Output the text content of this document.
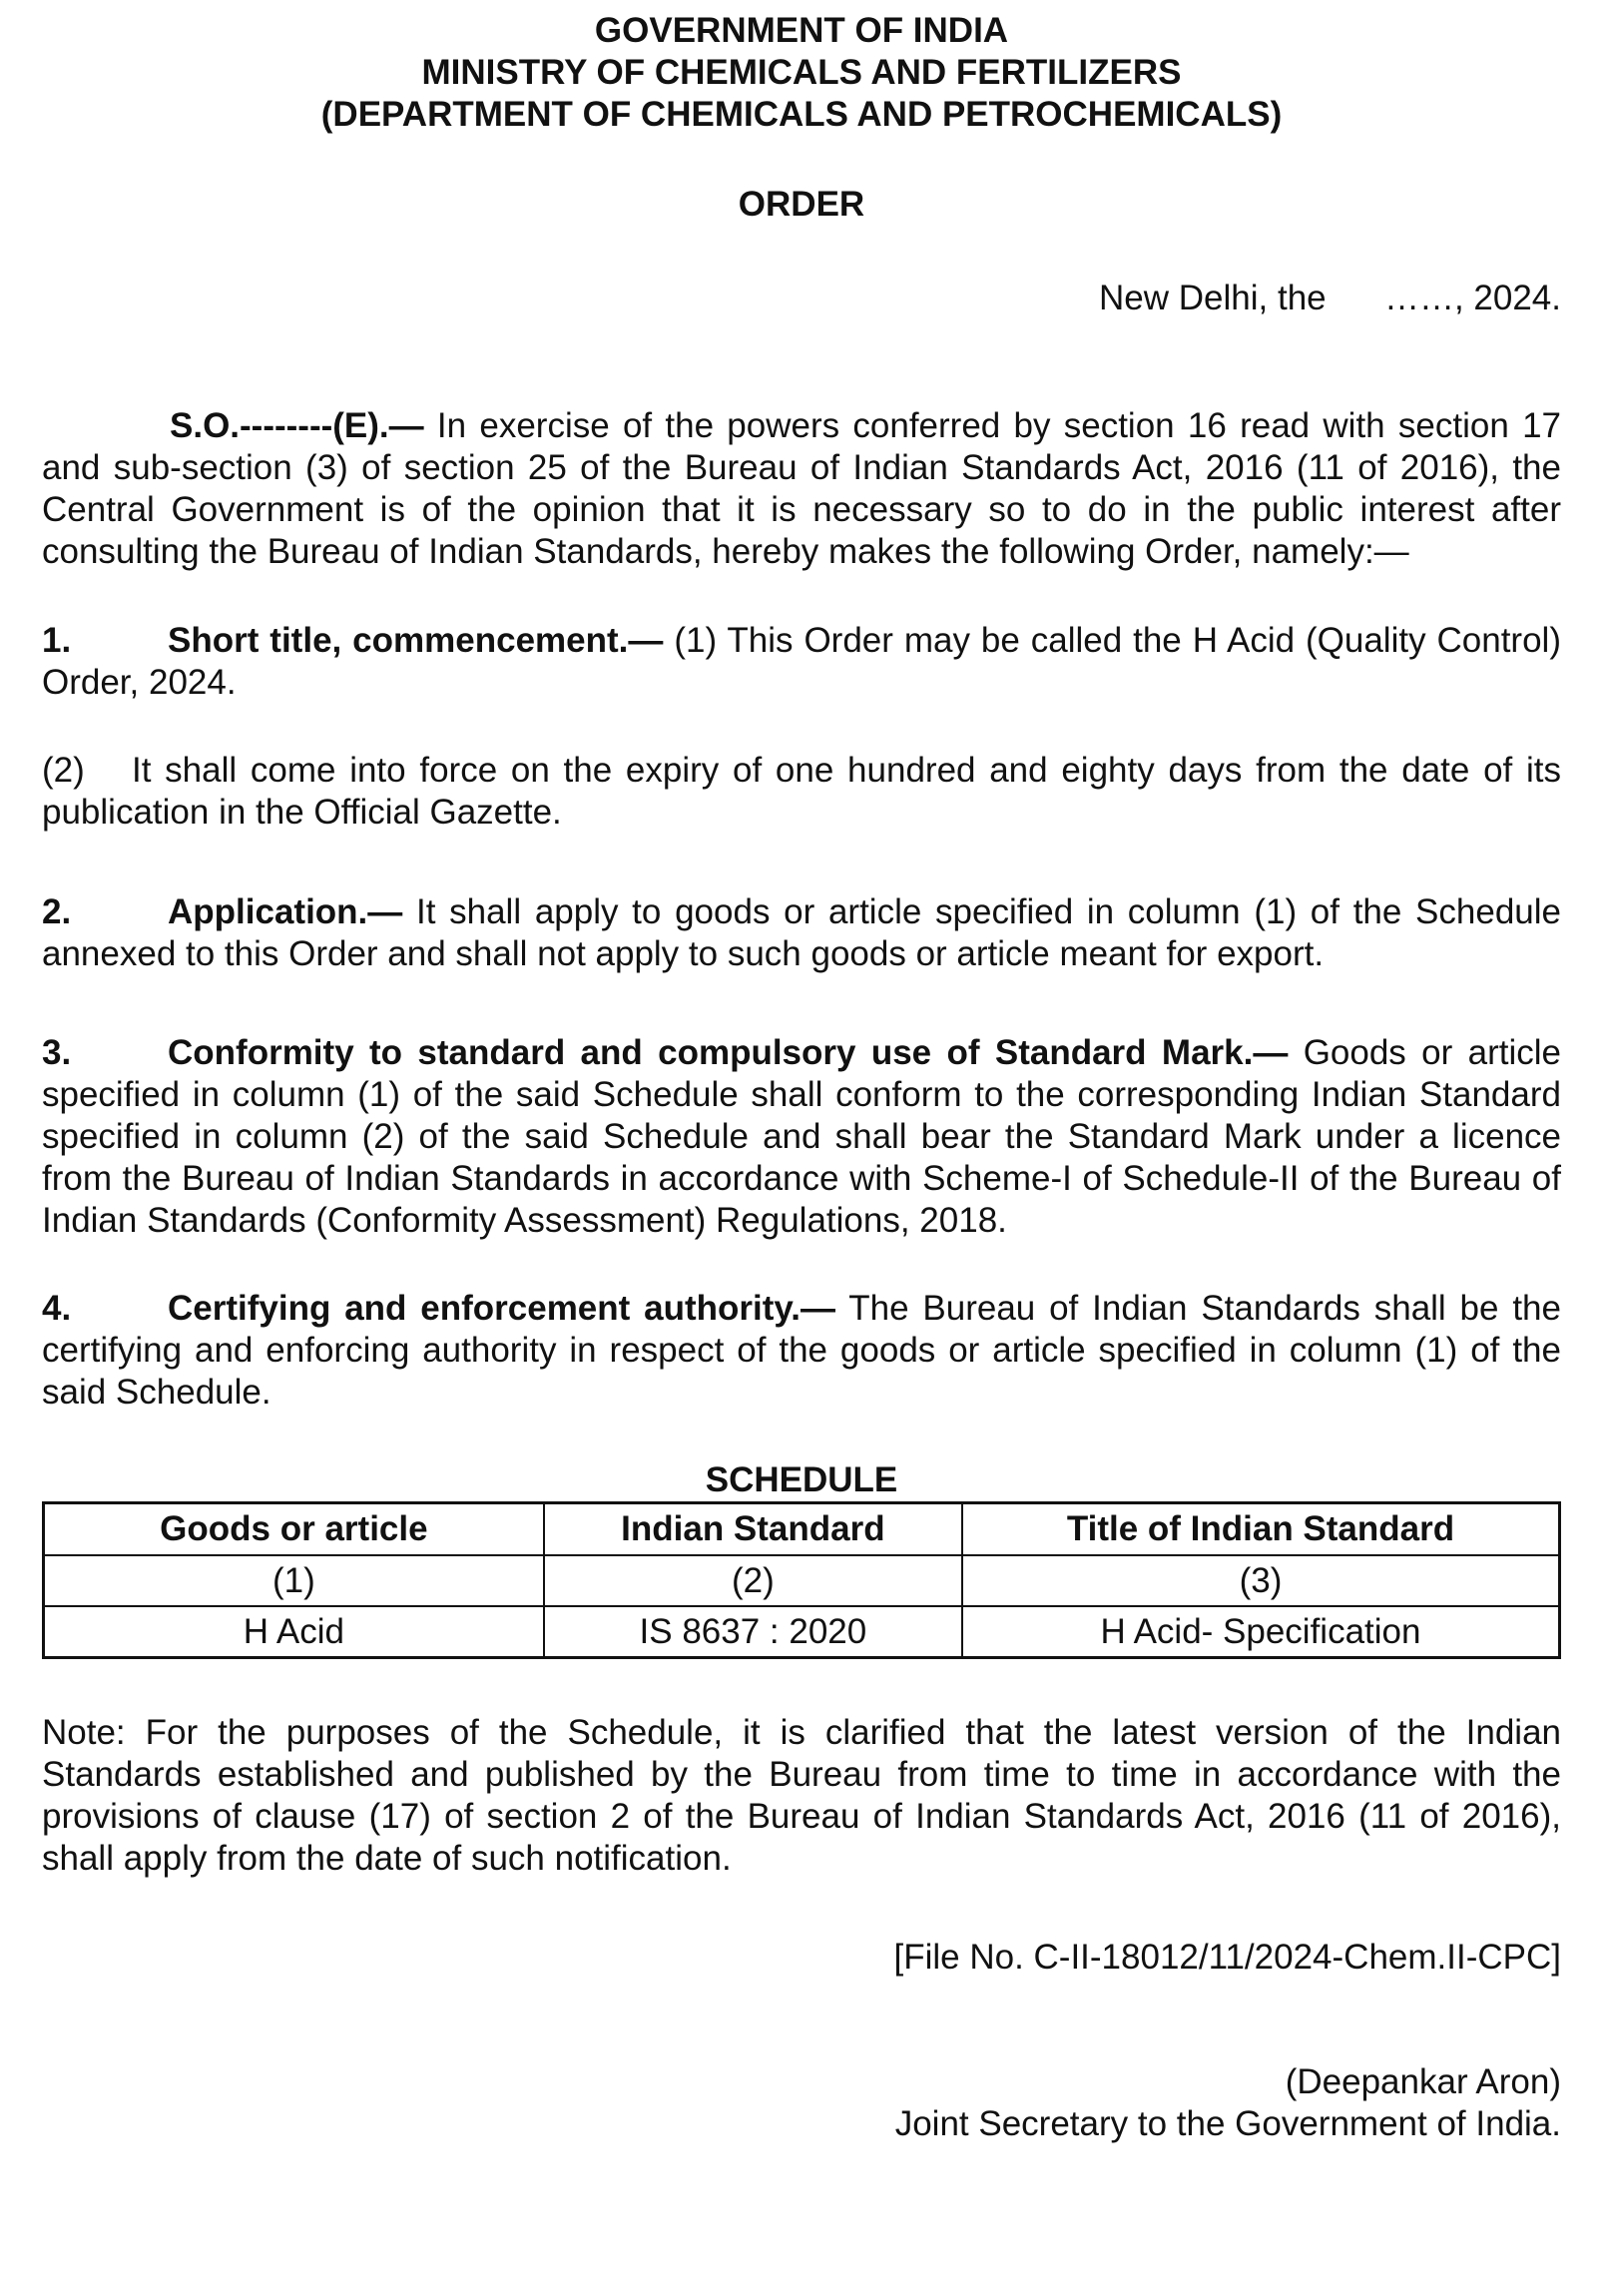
GOVERNMENT OF INDIA
MINISTRY OF CHEMICALS AND FERTILIZERS
(DEPARTMENT OF CHEMICALS AND PETROCHEMICALS)
ORDER
New Delhi, the      ……, 2024.

S.O.--------(E).— In exercise of the powers conferred by section 16 read with section 17 and sub-section (3) of section 25 of the Bureau of Indian Standards Act, 2016 (11 of 2016), the Central Government is of the opinion that it is necessary so to do in the public interest after consulting the Bureau of Indian Standards, hereby makes the following Order, namely:—

1.	Short title, commencement.— (1) This Order may be called the H Acid (Quality Control) Order, 2024.

(2) It shall come into force on the expiry of one hundred and eighty days from the date of its publication in the Official Gazette.

2.	Application.— It shall apply to goods or article specified in column (1) of the Schedule annexed to this Order and shall not apply to such goods or article meant for export.

3.	Conformity to standard and compulsory use of Standard Mark.— Goods or article specified in column (1) of the said Schedule shall conform to the corresponding Indian Standard specified in column (2) of the said Schedule and shall bear the Standard Mark under a licence from the Bureau of Indian Standards in accordance with Scheme-I of Schedule-II of the Bureau of Indian Standards (Conformity Assessment) Regulations, 2018.

4.	Certifying and enforcement authority.— The Bureau of Indian Standards shall be the certifying and enforcing authority in respect of the goods or article specified in column (1) of the said Schedule.

SCHEDULE
Goods or article	Indian Standard	Title of Indian Standard
(1)	(2)	(3)
H Acid	IS 8637 : 2020	H Acid- Specification

Note: For the purposes of the Schedule, it is clarified that the latest version of the Indian Standards established and published by the Bureau from time to time in accordance with the provisions of clause (17) of section 2 of the Bureau of Indian Standards Act, 2016 (11 of 2016), shall apply from the date of such notification.

[File No. C-II-18012/11/2024-Chem.II-CPC]
(Deepankar Aron)
Joint Secretary to the Government of India.
